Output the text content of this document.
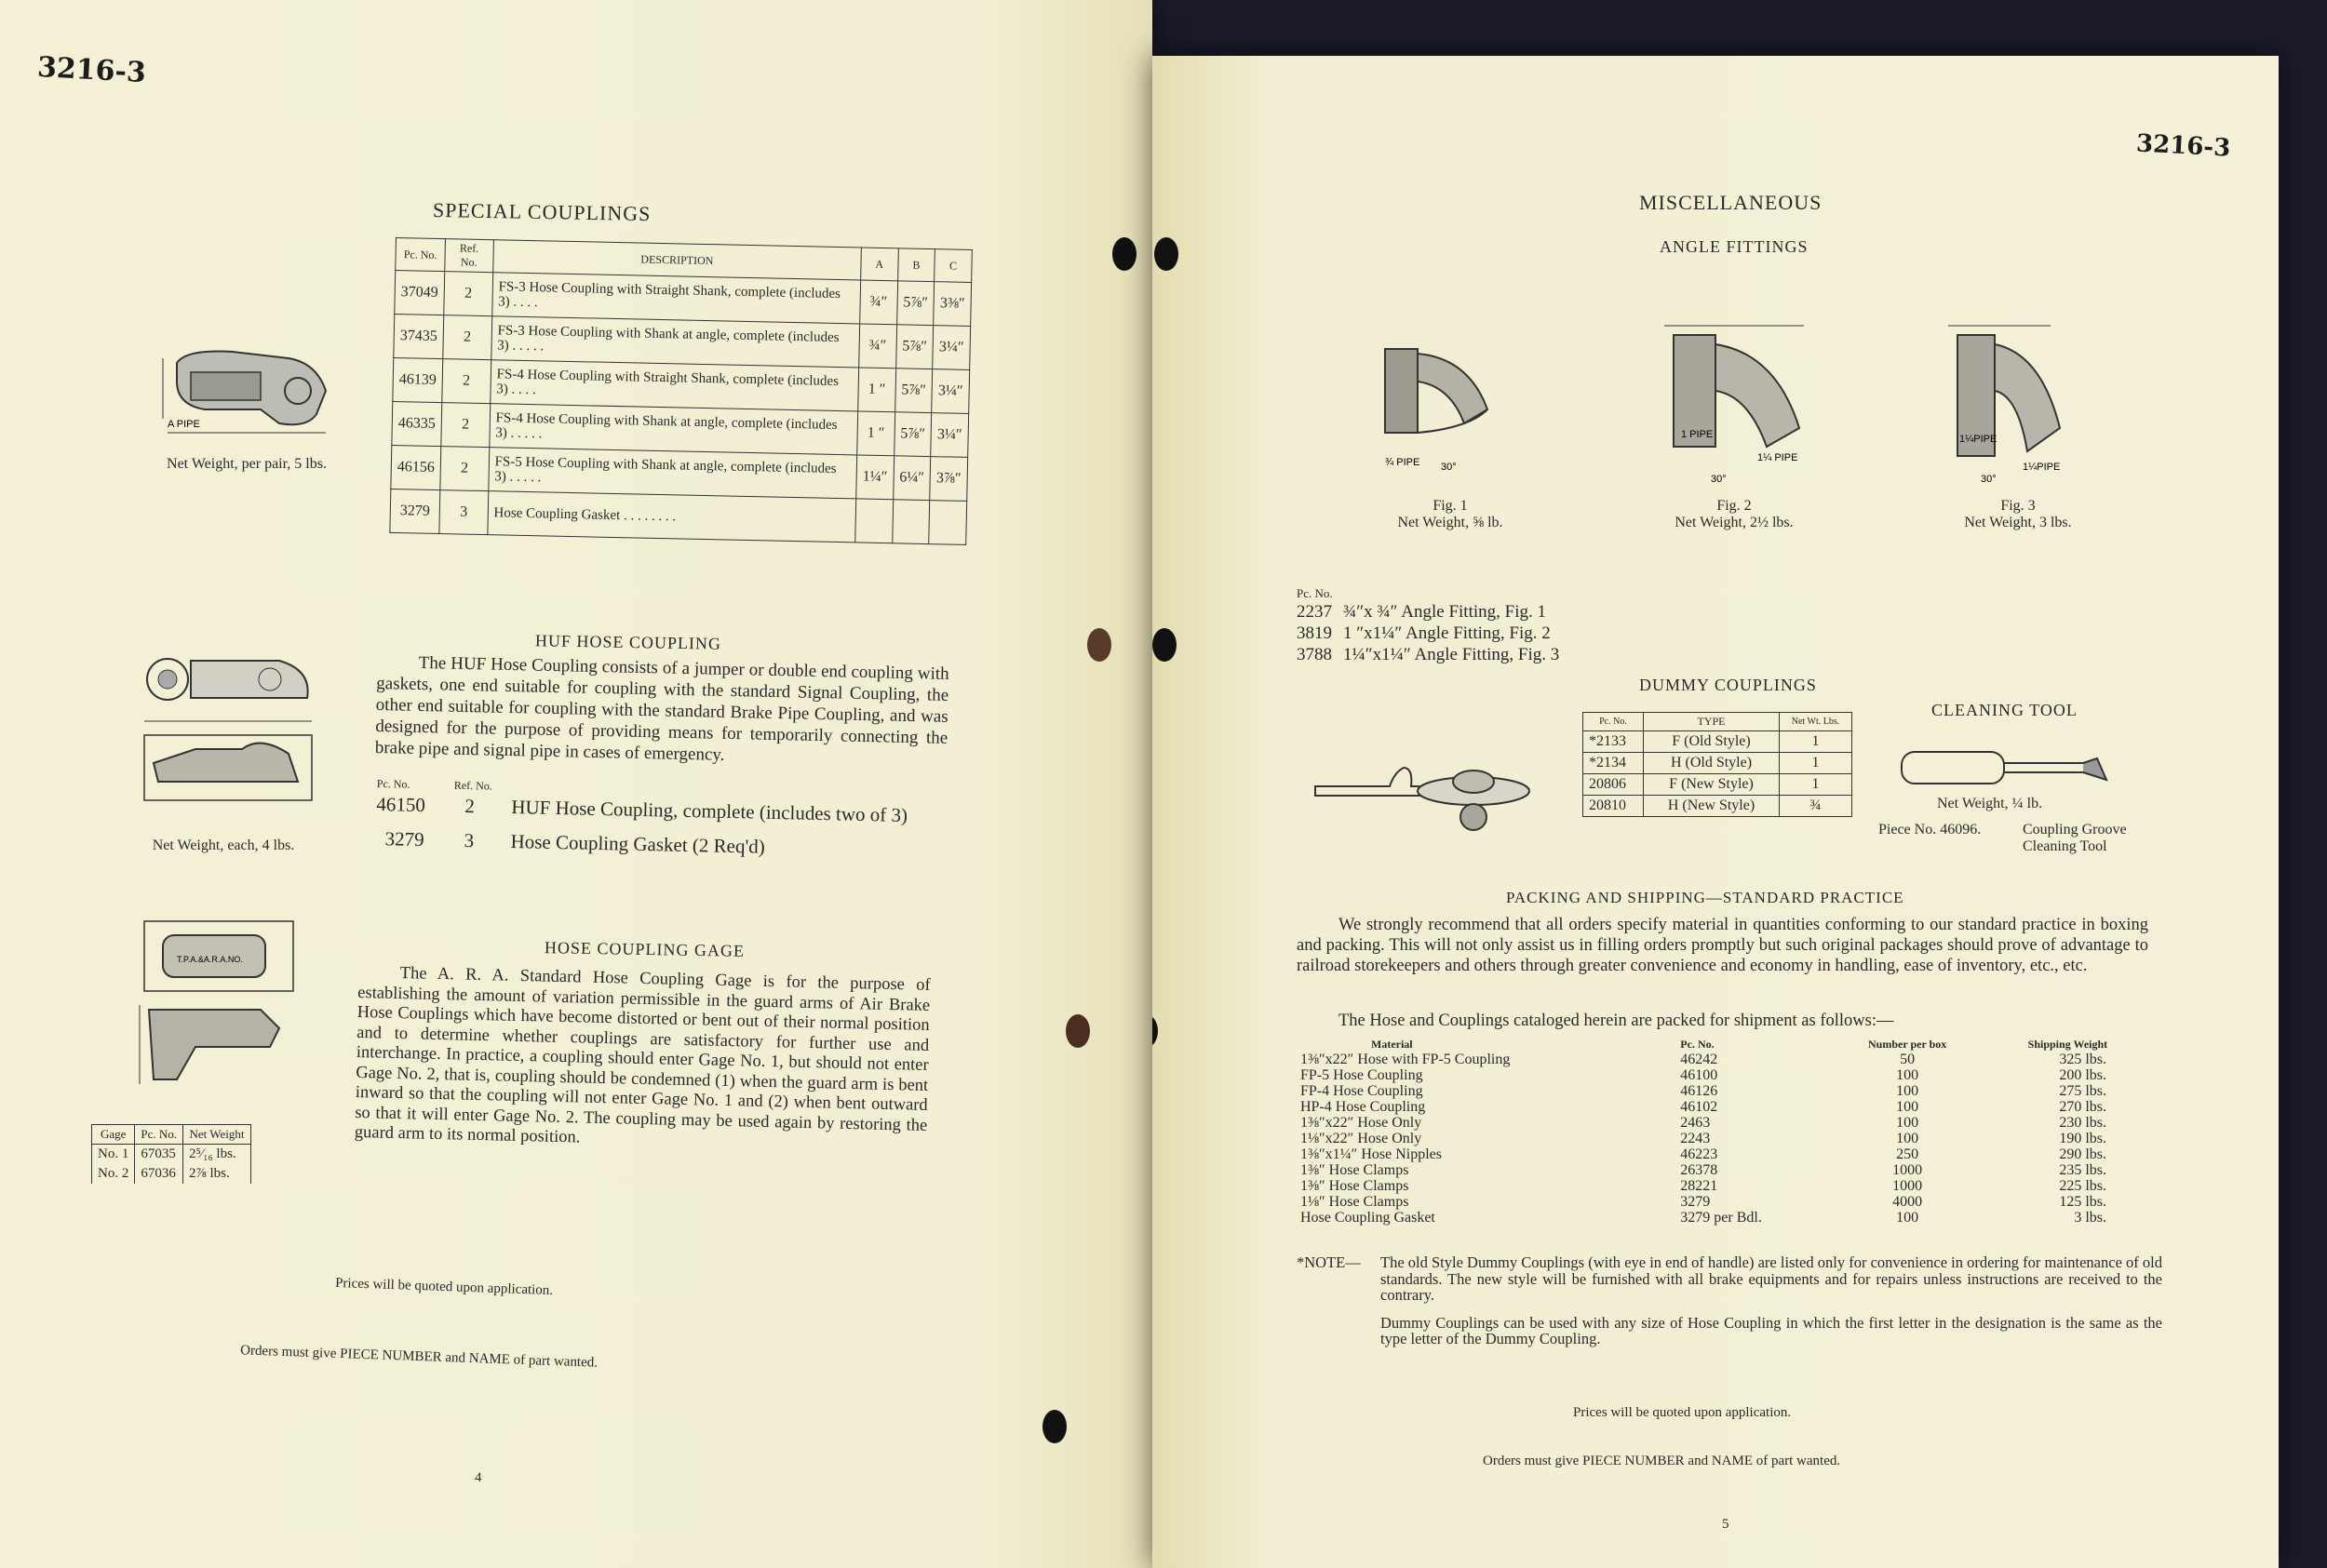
3216-3
SPECIAL COUPLINGS
A PIPE
Net Weight, per pair, 5 lbs.
Pc. No.	Ref. No.	DESCRIPTION	A	B	C
37049	2	FS-3 Hose Coupling with Straight Shank, complete (includes 3) . . . .	¾″	5⅞″	3⅜″
37435	2	FS-3 Hose Coupling with Shank at angle, complete (includes 3) . . . . .	¾″	5⅞″	3¼″
46139	2	FS-4 Hose Coupling with Straight Shank, complete (includes 3) . . . .	1 ″	5⅞″	3¼″
46335	2	FS-4 Hose Coupling with Shank at angle, complete (includes 3) . . . . .	1 ″	5⅞″	3¼″
46156	2	FS-5 Hose Coupling with Shank at angle, complete (includes 3) . . . . .	1¼″	6¼″	3⅞″
3279	3	Hose Coupling Gasket . . . . . . . .			
HUF HOSE COUPLING
The HUF Hose Coupling consists of a jumper or double end coupling with gaskets, one end suitable for coupling with the standard Signal Coupling, the other end suitable for coupling with the standard Brake Pipe Coupling, and was designed for the purpose of providing means for temporarily connecting the brake pipe and signal pipe in cases of emergency.
Net Weight, each, 4 lbs.
Pc. No.	Ref. No.
46150	2	HUF Hose Coupling, complete (includes two of 3)
3279	3	Hose Coupling Gasket (2 Req'd)
HOSE COUPLING GAGE
The A. R. A. Standard Hose Coupling Gage is for the purpose of establishing the amount of variation permissible in the guard arms of Air Brake Hose Couplings which have become distorted or bent out of their normal position and to determine whether couplings are satisfactory for further use and interchange. In practice, a coupling should enter Gage No. 1, but should not enter Gage No. 2, that is, coupling should be condemned (1) when the guard arm is bent inward so that the coupling will not enter Gage No. 1 and (2) when bent outward so that it will enter Gage No. 2. The coupling may be used again by restoring the guard arm to its normal position.
T.P.A.&A.R.A.NO.
Gage	Pc. No.	Net Weight
No. 1	67035	2⁵⁄₁₆ lbs.
No. 2	67036	2⅞ lbs.
Prices will be quoted upon application.
Orders must give PIECE NUMBER and NAME of part wanted.
4
3216-3
MISCELLANEOUS
ANGLE FITTINGS
¾ PIPE 30°
1 PIPE
1¼ PIPE
30°
1¼PIPE
1¼PIPE
30°
Fig. 1
Net Weight, ⅝ lb.
Fig. 2
Net Weight, 2½ lbs.
Fig. 3
Net Weight, 3 lbs.
Pc. No.
2237 ¾″x ¾″ Angle Fitting, Fig. 1
3819 1 ″x1¼″ Angle Fitting, Fig. 2
3788 1¼″x1¼″ Angle Fitting, Fig. 3
DUMMY COUPLINGS
Pc. No.	TYPE	Net Wt. Lbs.
*2133	F (Old Style)	1
*2134	H (Old Style)	1
20806	F (New Style)	1
20810	H (New Style)	¾
CLEANING TOOL
Net Weight, ¼ lb.
Piece No. 46096.	Coupling Groove
Cleaning Tool
PACKING AND SHIPPING—STANDARD PRACTICE
We strongly recommend that all orders specify material in quantities conforming to our standard practice in boxing and packing. This will not only assist us in filling orders promptly but such original packages should prove of advantage to railroad storekeepers and others through greater convenience and economy in handling, ease of inventory, etc., etc.
The Hose and Couplings cataloged herein are packed for shipment as follows:—
Material	Pc. No.	Number per box	Shipping Weight
1⅜″x22″ Hose with FP-5 Coupling	46242	50	325 lbs.
FP-5 Hose Coupling	46100	100	200 lbs.
FP-4 Hose Coupling	46126	100	275 lbs.
HP-4 Hose Coupling	46102	100	270 lbs.
1⅜″x22″ Hose Only	2463	100	230 lbs.
1⅛″x22″ Hose Only	2243	100	190 lbs.
1⅜″x1¼″ Hose Nipples	46223	250	290 lbs.
1⅜″ Hose Clamps	26378	1000	235 lbs.
1⅜″ Hose Clamps	28221	1000	225 lbs.
1⅛″ Hose Clamps	3279	4000	125 lbs.
Hose Coupling Gasket	3279 per Bdl.	100	3 lbs.
*NOTE—	The old Style Dummy Couplings (with eye in end of handle) are listed only for convenience in ordering for maintenance of old standards. The new style will be furnished with all brake equipments and for repairs unless instructions are received to the contrary.
Dummy Couplings can be used with any size of Hose Coupling in which the first letter in the designation is the same as the type letter of the Dummy Coupling.
Prices will be quoted upon application.
Orders must give PIECE NUMBER and NAME of part wanted.
5
